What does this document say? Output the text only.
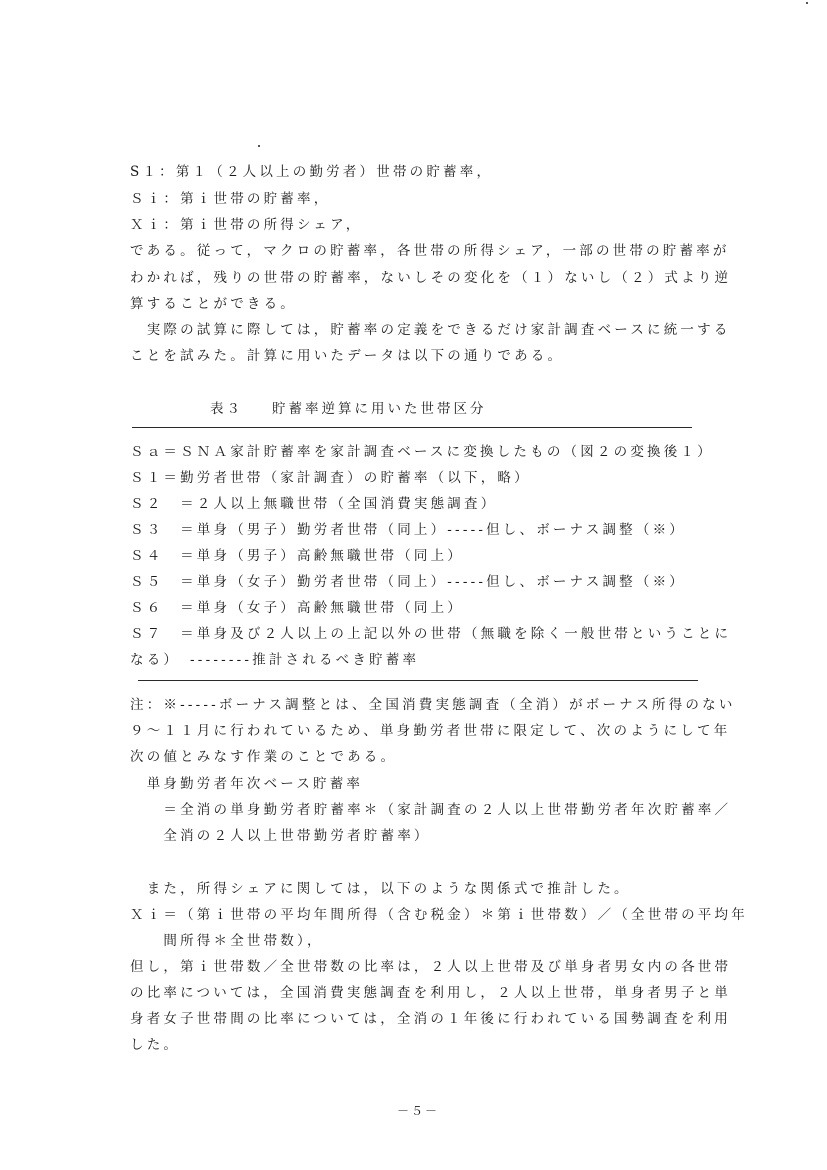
S１：第１（２人以上の勤労者）世帯の貯蓄率，
Ｓｉ：第ｉ世帯の貯蓄率，
Ｘｉ：第ｉ世帯の所得シェア，
である。従って，マクロの貯蓄率，各世帯の所得シェア，一部の世帯の貯蓄率が
わかれば，残りの世帯の貯蓄率，ないしその変化を（１）ないし（２）式より逆
算することができる。
　実際の試算に際しては，貯蓄率の定義をできるだけ家計調査ベースに統一する
ことを試みた。計算に用いたデータは以下の通りである。
表３ 貯蓄率逆算に用いた世帯区分
Ｓａ＝ＳＮＡ家計貯蓄率を家計調査ベースに変換したもの（図２の変換後１）
Ｓ１＝勤労者世帯（家計調査）の貯蓄率（以下，略）
Ｓ２　＝２人以上無職世帯（全国消費実態調査）
Ｓ３　＝単身（男子）勤労者世帯（同上）-----但し、ボーナス調整（※）
Ｓ４　＝単身（男子）高齢無職世帯（同上）
Ｓ５　＝単身（女子）勤労者世帯（同上）-----但し、ボーナス調整（※）
Ｓ６　＝単身（女子）高齢無職世帯（同上）
Ｓ７　＝単身及び２人以上の上記以外の世帯（無職を除く一般世帯ということに
なる）　--------推計されるべき貯蓄率
注：※-----ボーナス調整とは、全国消費実態調査（全消）がボーナス所得のない
９～１１月に行われているため、単身勤労者世帯に限定して、次のようにして年
次の値とみなす作業のことである。
　単身勤労者年次ベース貯蓄率
　　＝全消の単身勤労者貯蓄率＊（家計調査の２人以上世帯勤労者年次貯蓄率／
　　全消の２人以上世帯勤労者貯蓄率）
　また，所得シェアに関しては，以下のような関係式で推計した。
Ｘｉ＝（第ｉ世帯の平均年間所得（含む税金）＊第ｉ世帯数）／（全世帯の平均年
　　間所得＊全世帯数），
但し，第ｉ世帯数／全世帯数の比率は，２人以上世帯及び単身者男女内の各世帯
の比率については，全国消費実態調査を利用し，２人以上世帯，単身者男子と単
身者女子世帯間の比率については，全消の１年後に行われている国勢調査を利用
した。
－５－
